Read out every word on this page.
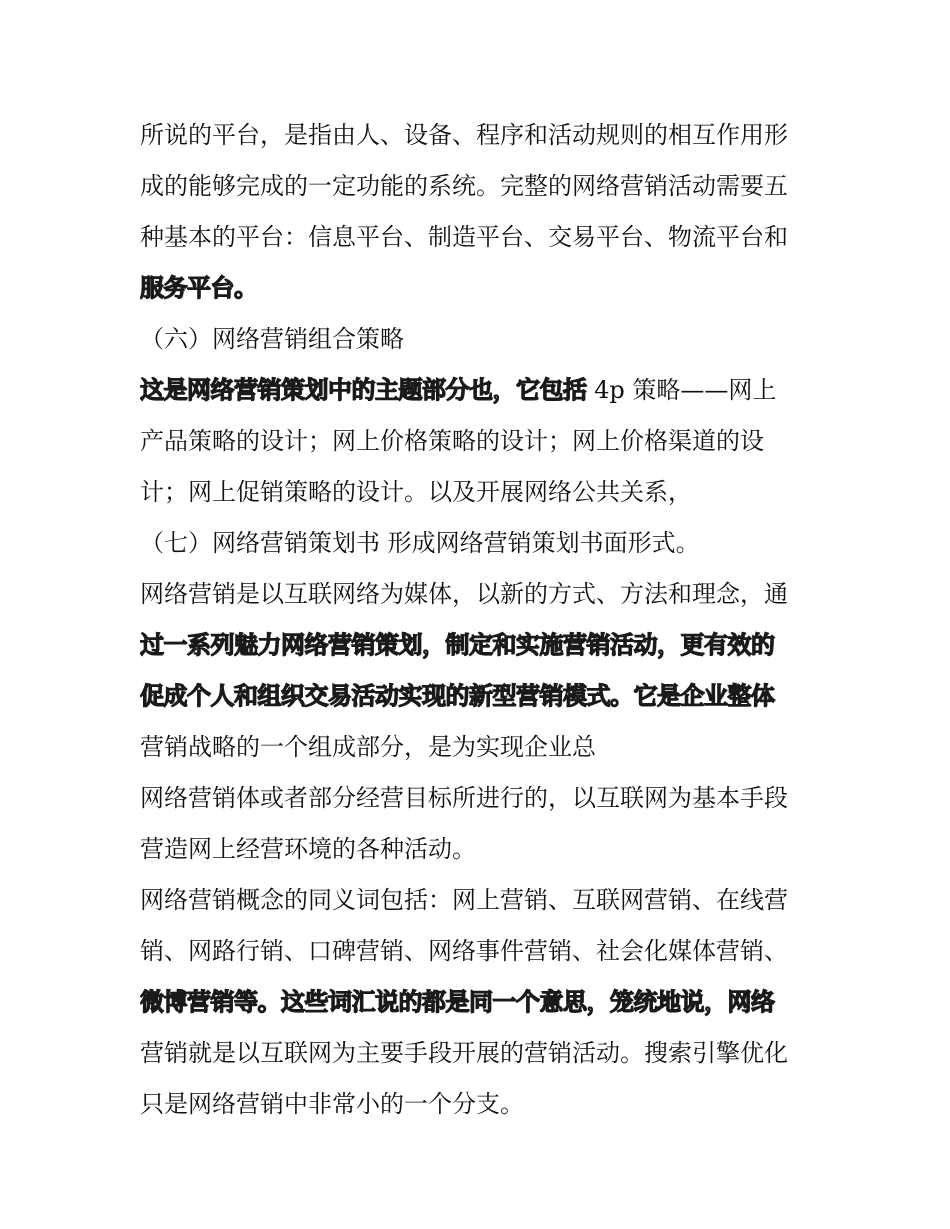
所说的平台，是指由人、设备、程序和活动规则的相互作用形
成的能够完成的一定功能的系统。完整的网络营销活动需要五
种基本的平台：信息平台、制造平台、交易平台、物流平台和
服务平台。
（六）网络营销组合策略
这是网络营销策划中的主题部分也，它包括 4p 策略——网上
产品策略的设计；网上价格策略的设计；网上价格渠道的设
计；网上促销策略的设计。以及开展网络公共关系，
（七）网络营销策划书 形成网络营销策划书面形式。
网络营销是以互联网络为媒体，以新的方式、方法和理念，通
过一系列魅力网络营销策划，制定和实施营销活动，更有效的
促成个人和组织交易活动实现的新型营销模式。它是企业整体
营销战略的一个组成部分，是为实现企业总
网络营销体或者部分经营目标所进行的，以互联网为基本手段
营造网上经营环境的各种活动。
网络营销概念的同义词包括：网上营销、互联网营销、在线营
销、网路行销、口碑营销、网络事件营销、社会化媒体营销、
微博营销等。这些词汇说的都是同一个意思，笼统地说，网络
营销就是以互联网为主要手段开展的营销活动。搜索引擎优化
只是网络营销中非常小的一个分支。
